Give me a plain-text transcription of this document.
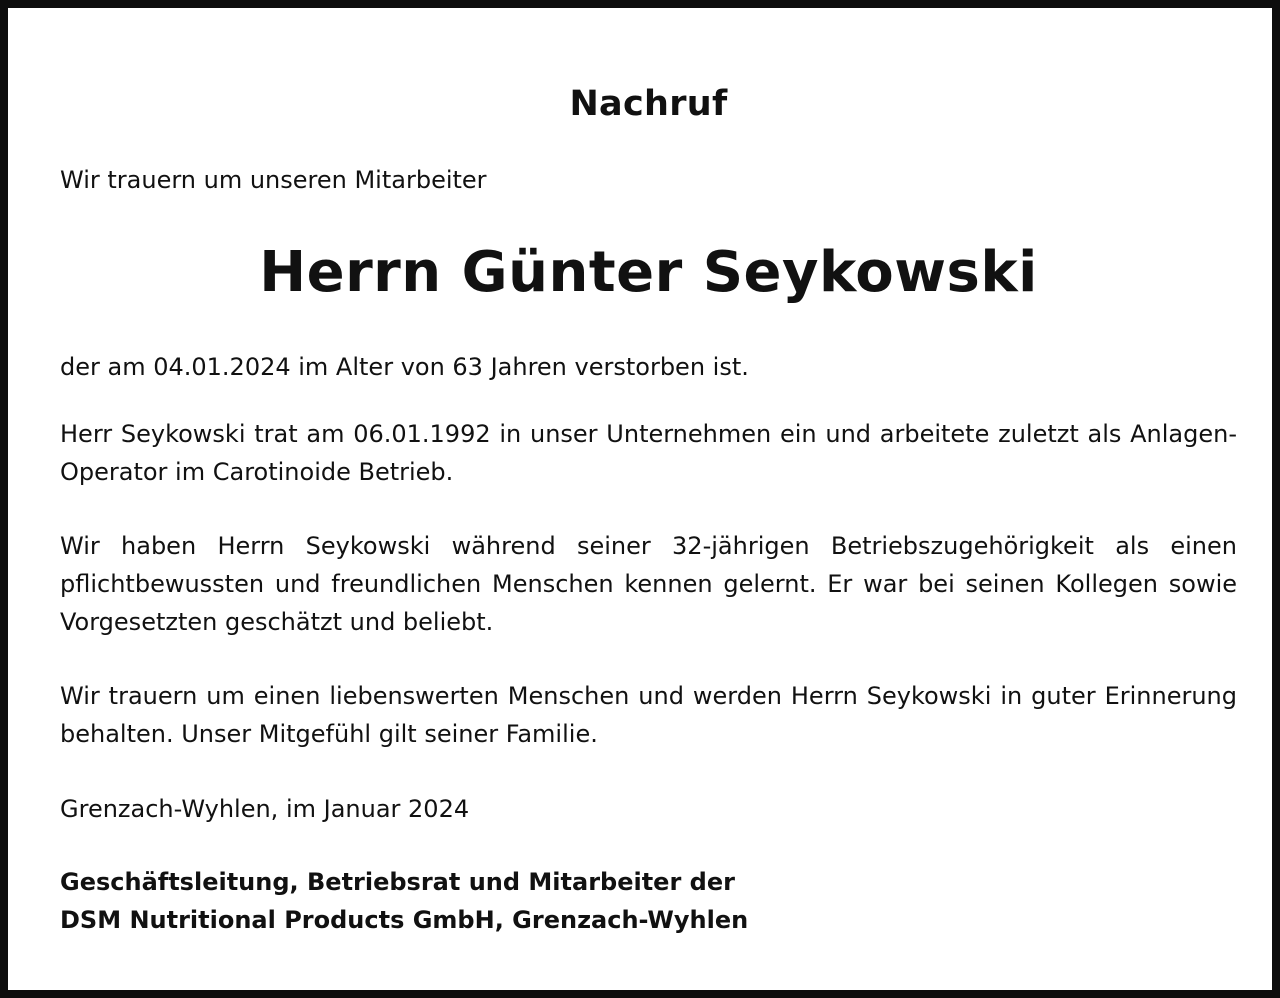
Nachruf
Wir trauern um unseren Mitarbeiter
Herrn Günter Seykowski

der am 04.01.2024 im Alter von 63 Jahren verstorben ist.

Herr Seykowski trat am 06.01.1992 in unser Unternehmen ein und arbeitete zuletzt als Anlagen-Operator im Carotinoide Betrieb.

Wir haben Herrn Seykowski während seiner 32-jährigen Betriebszugehörigkeit als einen pflichtbewussten und freundlichen Menschen kennen gelernt. Er war bei seinen Kollegen sowie Vorgesetzten geschätzt und beliebt.

Wir trauern um einen liebenswerten Menschen und werden Herrn Seykowski in guter Erinnerung behalten. Unser Mitgefühl gilt seiner Familie.

Grenzach-Wyhlen, im Januar 2024
Geschäftsleitung, Betriebsrat und Mitarbeiter der
DSM Nutritional Products GmbH, Grenzach-Wyhlen
